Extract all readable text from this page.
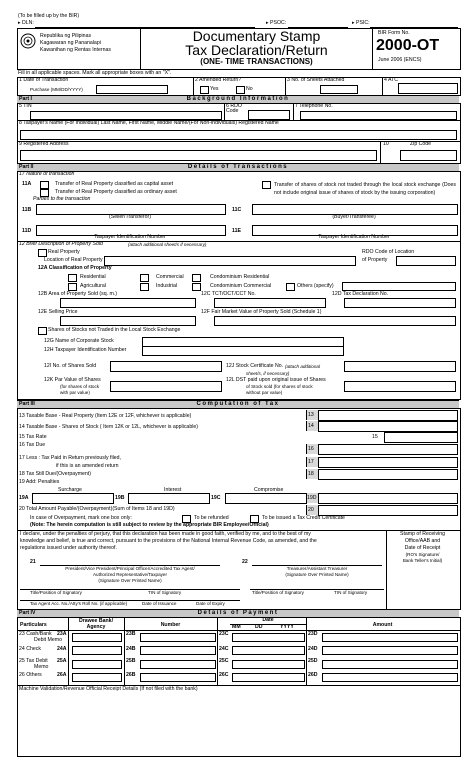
(To be filled up by the BIR)
▸ DLN:	▸ PSOC:	▸ PSIC:
Republika ng Pilipinas
Kagawaran ng Pananalapi
Kawanihan ng Rentas Internas
Documentary Stamp
Tax Declaration/Return
(ONE- TIME TRANSACTIONS)
BIR Form No.
2000-OT
June 2006 (ENCS)
Fill in all applicable spaces. Mark all appropriate boxes with an "X".
1 Date of Transaction
Purchase (MM/DD/YYYY)
2 Amended Return?
Yes	No
3 No. of Sheets Attached	4 ATC
Part I	Background Information
5 TIN	6 RDO Code
7 Telephone No.
8 Taxpayer's Name (For Individual) Last Name, First Name, Middle Name/(For Non-individuals) Registered Name
9 Registered Address	10	Zip Code
Part II	Details of Transactions
17 Nature of transaction
11A	Transfer of Real Property classified as capital asset
Transfer of Real Property classified as ordinary asset
Parties to the transaction
Transfer of shares of stock not traded through the local stock exchange (Does not include original issue of shares of stock by the issuing corporation)
11B	11C
(Seller/Transferor)	(Buyer/Transferee)
11D	11E
Taxpayer Identification Number	Taxpayer Identification Number
12 Brief Description of Property Sold	(attach additional sheet/s if necessary)
Real Property	RDO Code of Location
Location of Real Property	of Property
12A Classification of Property
Residential	Commercial	Condominium Residential
Agricultural	Industrial	Condominium Commercial	Others (specify)
12B Area of Property Sold (sq. m.)	12C TCT/OCT/CCT No.	12D Tax Declaration No.
12E Selling Price	12F Fair Market Value of Property Sold (Schedule 1)
Shares of Stocks not Traded in the Local Stock Exchange
12G Name of Corporate Stock
12H Taxpayer Identification Number
12I No. of Shares Sold	12J Stock Certificate No. (attach additional
sheet/s, if necessary)
12K Par Value of Shares
(for shares of stock
with par value)
12L DST paid upon original issue of Shares
of Stock sold (for shares of stock
without par value)
Part III	Computation of Tax
13 Taxable Base - Real Property (Item 12E or 12F, whichever is applicable)	13
14 Taxable Base - Shares of Stock ( Item 12K or 12L, whichever is applicable)	14
15 Tax Rate	15
16 Tax Due
16
17 Less : Tax Paid in Return previously filed,
if this is an amended return
17
18 Tax Still Due/(Overpayment)	18
19 Add: Penalties
Surcharge	Interest	Compromise
19A	19B	19C	19D
20 Total Amount Payable/(Overpayment)(Sum of Items 18 and 19D)	20
In case of Overpayment, mark one box only:	To be refunded	To be issued a Tax Credit Certificate
(Note: The herein computation is still subject to review by the appropriate BIR Employee/Official)
I declare, under the penalties of perjury, that this declaration has been made in good faith, verified by me, and to the best of my
knowledge and belief, is true and correct, pursuant to the provisions of the National Internal Revenue Code, as amended, and the
regulations issued under authority thereof.
Stamp of Receiving
Office/AAB and
Date of Receipt
(RO's Signature/
Bank Teller's Initial)
21
President/Vice President/Principal Officer/Accredited Tax Agent/
Authorized Representative/Taxpayer
(Signature Over Printed Name)
22
Treasurer/Assistant Treasurer
(Signature Over Printed Name)
Title/Position of Signatory	TIN of Signatory	Title/Position of Signatory	TIN of Signatory
Tax Agent Acc. No./Atty's Roll No. (if applicable)	Date of Issuance	Date of Expiry
Part IV	Details of Payment
Particulars
Drawee Bank/
Agency	Number
Date
MM	DD	YYYY	Amount
23 Cash/Bank
Debit Memo
23A	23B	23C	23D
24 Check	24A	24B	24C	24D
25 Tax Debit
Memo
25A	25B	25C	25D
26 Others	26A	26B	26C	26D
Machine Validation/Revenue Official Receipt Details (If not filed with the bank)
